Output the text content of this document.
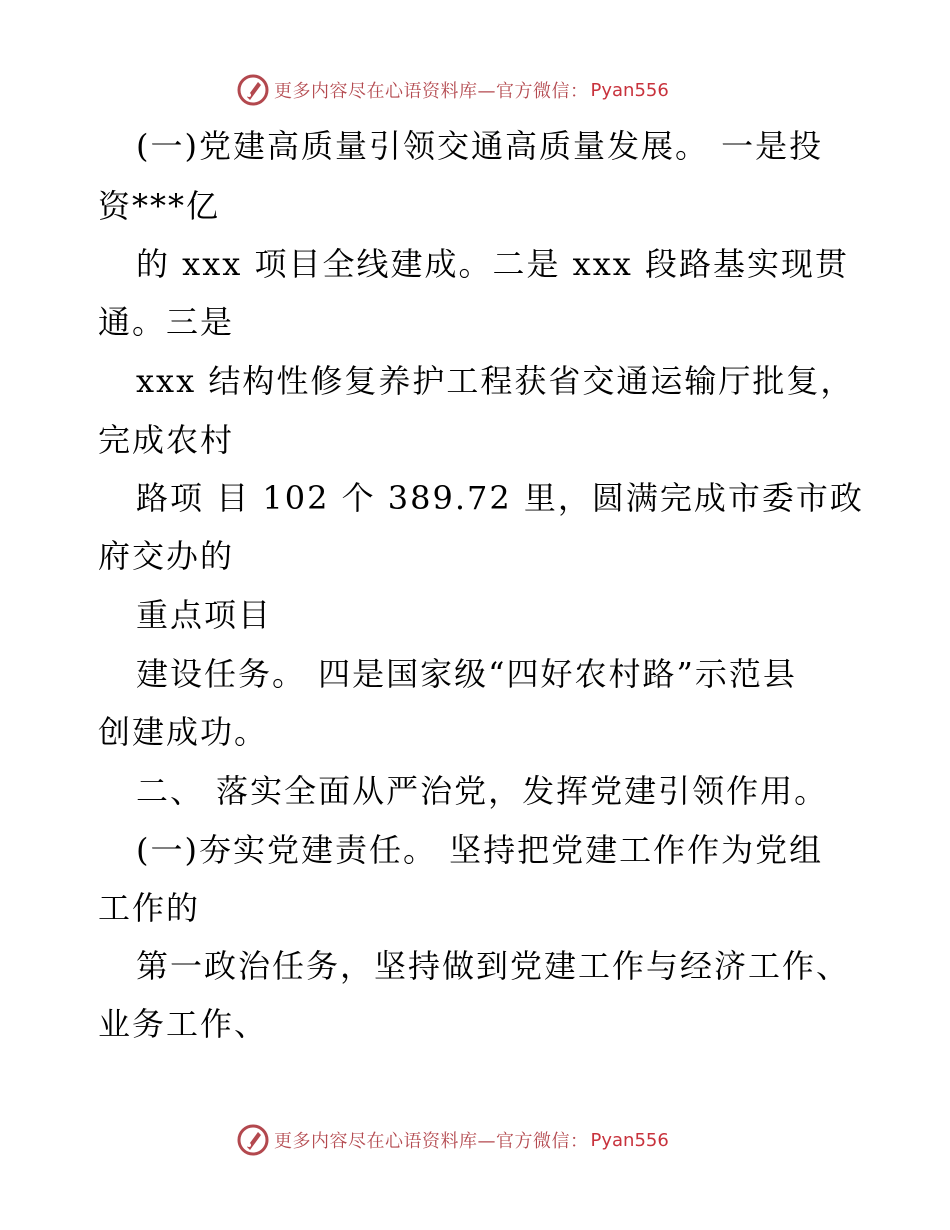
更多内容尽在心语资料库—官方微信： Pyan556
(一)党建高质量引领交通高质量发展。 一是投
资***亿
的 xxx 项目全线建成。二是 xxx 段路基实现贯
通。三是
xxx 结构性修复养护工程获省交通运输厅批复，
完成农村
路项 目 102 个 389.72 里，圆满完成市委市政
府交办的
重点项目
建设任务。 四是国家级“四好农村路”示范县
创建成功。
二、 落实全面从严治党，发挥党建引领作用。
(一)夯实党建责任。 坚持把党建工作作为党组
工作的
第一政治任务，坚持做到党建工作与经济工作、
业务工作、
更多内容尽在心语资料库—官方微信： Pyan556
